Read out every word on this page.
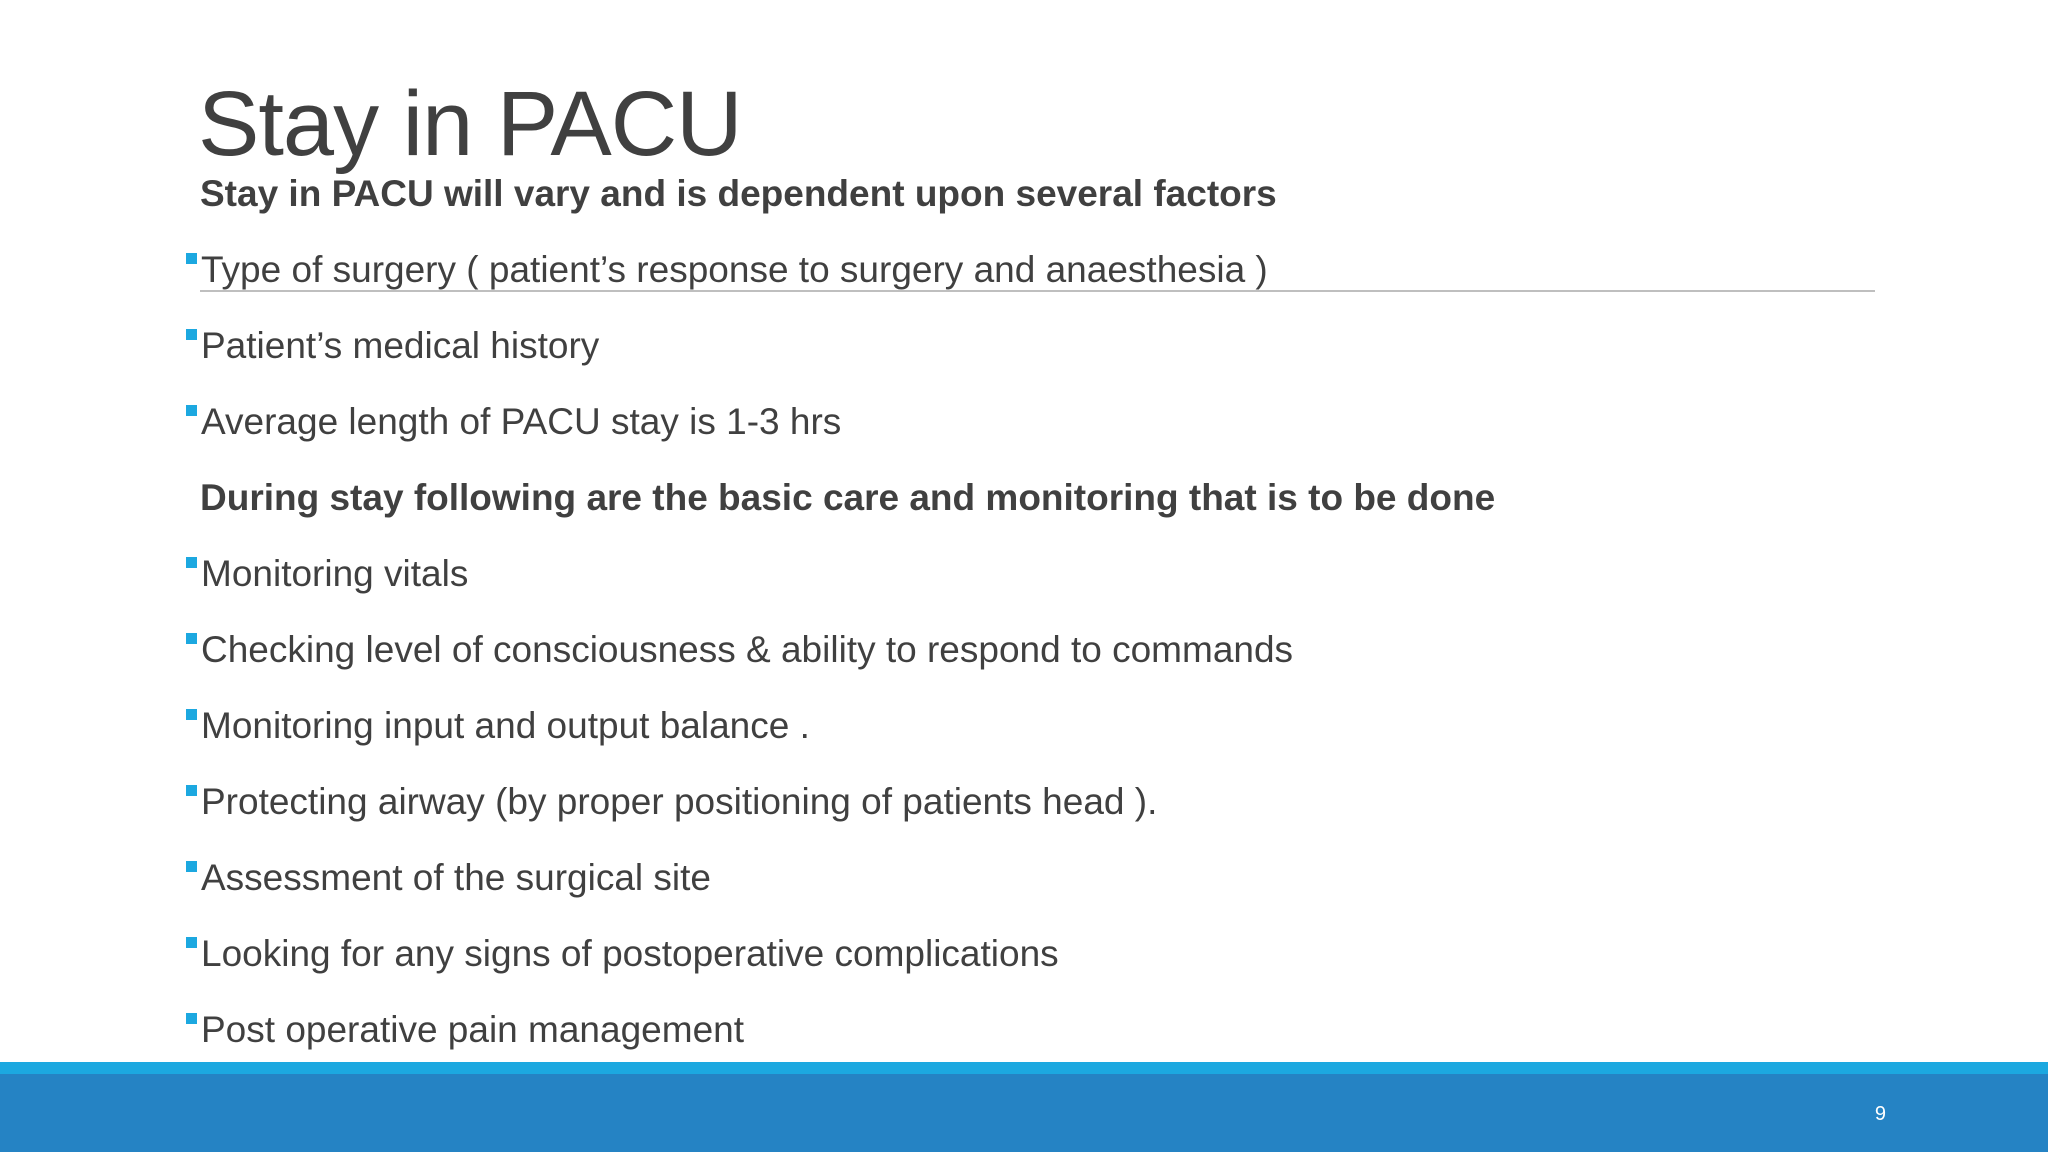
Stay in PACU
Stay in PACU will vary and is dependent upon several factors
Type of surgery ( patient’s response to surgery and anaesthesia )
Patient’s medical history
Average length of PACU stay is 1-3 hrs
During stay following are the basic care and monitoring that is to be done
Monitoring vitals
Checking level of consciousness & ability to respond to commands
Monitoring input and output balance .
Protecting airway (by proper positioning of patients head ).
Assessment of the surgical site
Looking for any signs of postoperative complications
Post operative pain management
9
